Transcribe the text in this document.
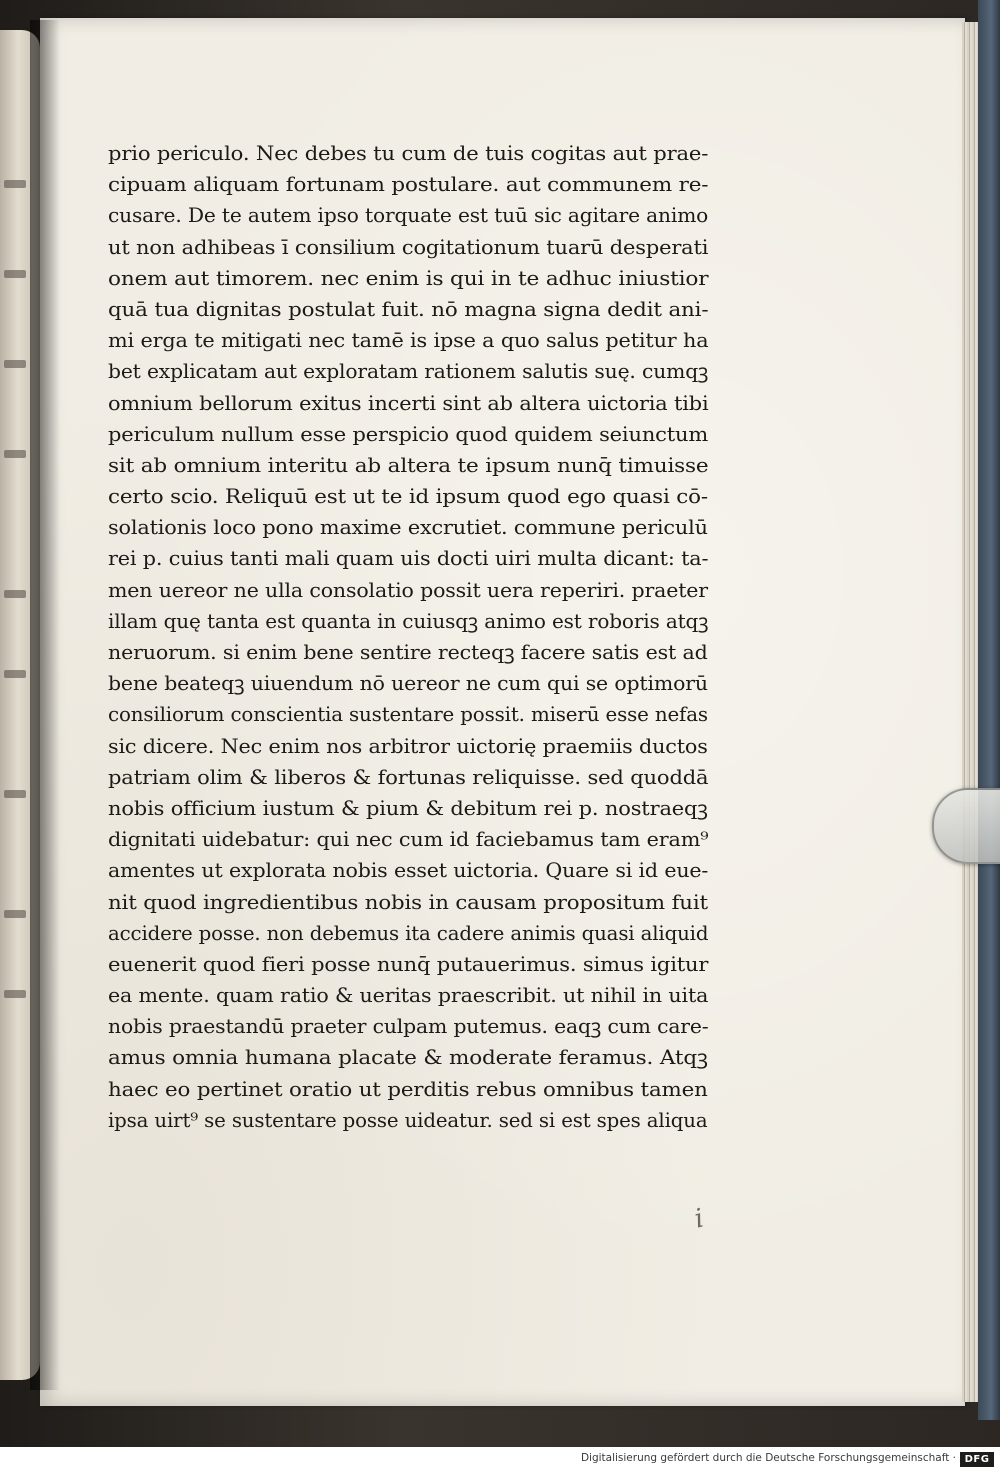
prio periculo. Nec debes tu cum de tuis cogitas aut prae-
cipuam aliquam fortunam postulare. aut communem re-
cusare. De te autem ipso torquate est tuū sic agitare animo
ut non adhibeas ī consilium cogitationum tuarū desperati
onem aut timorem. nec enim is qui in te adhuc iniustior
quā tua dignitas postulat fuit. nō magna signa dedit ani-
mi erga te mitigati nec tamē is ipse a quo salus petitur ha
bet explicatam aut exploratam rationem salutis suę. cumqꝫ
omnium bellorum exitus incerti sint ab altera uictoria tibi
periculum nullum esse perspicio quod quidem seiunctum
sit ab omnium interitu ab altera te ipsum nunq̄ timuisse
certo scio. Reliquū est ut te id ipsum quod ego quasi cō-
solationis loco pono maxime excrutiet. commune periculū
rei p. cuius tanti mali quam uis docti uiri multa dicant: ta-
men uereor ne ulla consolatio possit uera reperiri. praeter
illam quę tanta est quanta in cuiusqꝫ animo est roboris atqꝫ
neruorum. si enim bene sentire recteqꝫ facere satis est ad
bene beateqꝫ uiuendum nō uereor ne cum qui se optimorū
consiliorum conscientia sustentare possit. miserū esse nefas
sic dicere. Nec enim nos arbitror uictorię praemiis ductos
patriam olim & liberos & fortunas reliquisse. sed quoddā
nobis officium iustum & pium & debitum rei p. nostraeqꝫ
dignitati uidebatur: qui nec cum id faciebamus tam eram⁹
amentes ut explorata nobis esset uictoria. Quare si id eue-
nit quod ingredientibus nobis in causam propositum fuit
accidere posse. non debemus ita cadere animis quasi aliquid
euenerit quod fieri posse nunq̄ putauerimus. simus igitur
ea mente. quam ratio & ueritas praescribit. ut nihil in uita
nobis praestandū praeter culpam putemus. eaqꝫ cum care-
amus omnia humana placate & moderate feramus. Atqꝫ
haec eo pertinet oratio ut perditis rebus omnibus tamen
ipsa uirt⁹ se sustentare posse uideatur. sed si est spes aliqua
i
Digitalisierung gefördert durch die Deutsche Forschungsgemeinschaft · DFG
